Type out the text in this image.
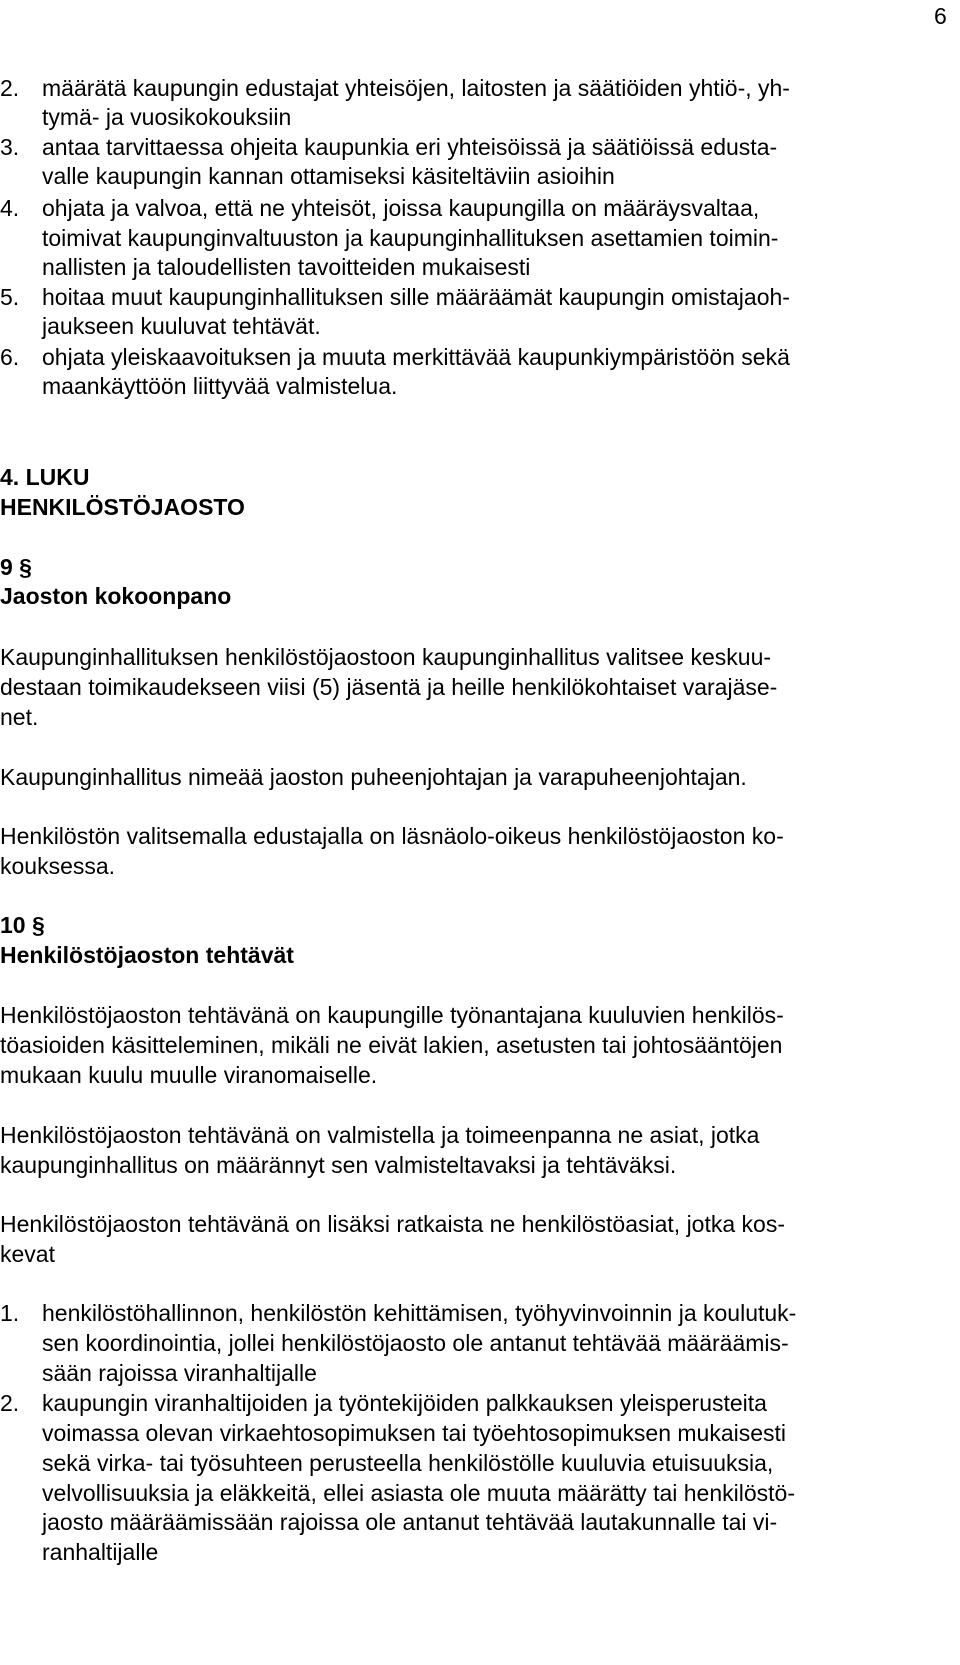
6
2. määrätä kaupungin edustajat yhteisöjen, laitosten ja säätiöiden yhtiö-, yh-
tymä- ja vuosikokouksiin
3. antaa tarvittaessa ohjeita kaupunkia eri yhteisöissä ja säätiöissä edusta-
valle kaupungin kannan ottamiseksi käsiteltäviin asioihin
4. ohjata ja valvoa, että ne yhteisöt, joissa kaupungilla on määräysvaltaa,
toimivat kaupunginvaltuuston ja kaupunginhallituksen asettamien toimin-
nallisten ja taloudellisten tavoitteiden mukaisesti
5. hoitaa muut kaupunginhallituksen sille määräämät kaupungin omistajaoh-
jaukseen kuuluvat tehtävät.
6. ohjata yleiskaavoituksen ja muuta merkittävää kaupunkiympäristöön sekä
maankäyttöön liittyvää valmistelua.
4. LUKU
HENKILÖSTÖJAOSTO
9 §
Jaoston kokoonpano
Kaupunginhallituksen henkilöstöjaostoon kaupunginhallitus valitsee keskuu-
destaan toimikaudekseen viisi (5) jäsentä ja heille henkilökohtaiset varajäse-
net.
Kaupunginhallitus nimeää jaoston puheenjohtajan ja varapuheenjohtajan.
Henkilöstön valitsemalla edustajalla on läsnäolo-oikeus henkilöstöjaoston ko-
kouksessa.
10 §
Henkilöstöjaoston tehtävät
Henkilöstöjaoston tehtävänä on kaupungille työnantajana kuuluvien henkilös-
töasioiden käsitteleminen, mikäli ne eivät lakien, asetusten tai johtosääntöjen
mukaan kuulu muulle viranomaiselle.
Henkilöstöjaoston tehtävänä on valmistella ja toimeenpanna ne asiat, jotka
kaupunginhallitus on määrännyt sen valmisteltavaksi ja tehtäväksi.
Henkilöstöjaoston tehtävänä on lisäksi ratkaista ne henkilöstöasiat, jotka kos-
kevat
1. henkilöstöhallinnon, henkilöstön kehittämisen, työhyvinvoinnin ja koulutuk-
sen koordinointia, jollei henkilöstöjaosto ole antanut tehtävää määräämis-
sään rajoissa viranhaltijalle
2. kaupungin viranhaltijoiden ja työntekijöiden palkkauksen yleisperusteita
voimassa olevan virkaehtosopimuksen tai työehtosopimuksen mukaisesti
sekä virka- tai työsuhteen perusteella henkilöstölle kuuluvia etuisuuksia,
velvollisuuksia ja eläkkeitä, ellei asiasta ole muuta määrätty tai henkilöstö-
jaosto määräämissään rajoissa ole antanut tehtävää lautakunnalle tai vi-
ranhaltijalle
